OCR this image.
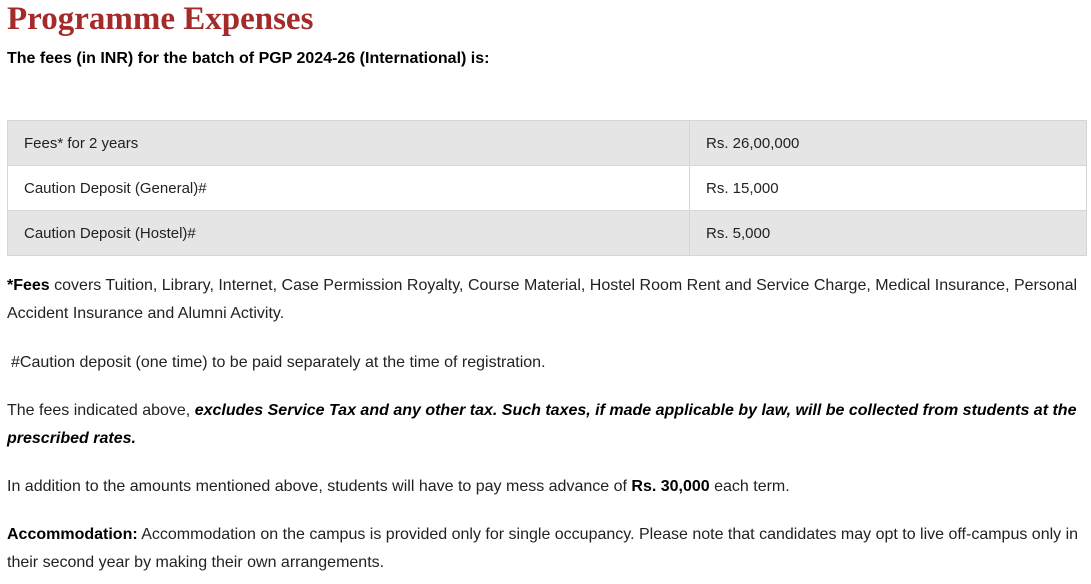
Programme Expenses

The fees (in INR) for the batch of PGP 2024-26 (International) is:

Fees* for 2 years	Rs. 26,00,000
Caution Deposit (General)#	Rs. 15,000
Caution Deposit (Hostel)#	Rs. 5,000

*Fees covers Tuition, Library, Internet, Case Permission Royalty, Course Material, Hostel Room Rent and Service Charge, Medical Insurance, Personal Accident Insurance and Alumni Activity.

#Caution deposit (one time) to be paid separately at the time of registration.

The fees indicated above, excludes Service Tax and any other tax. Such taxes, if made applicable by law, will be collected from students at the prescribed rates.

In addition to the amounts mentioned above, students will have to pay mess advance of Rs. 30,000 each term.

Accommodation: Accommodation on the campus is provided only for single occupancy. Please note that candidates may opt to live off-campus only in their second year by making their own arrangements.
